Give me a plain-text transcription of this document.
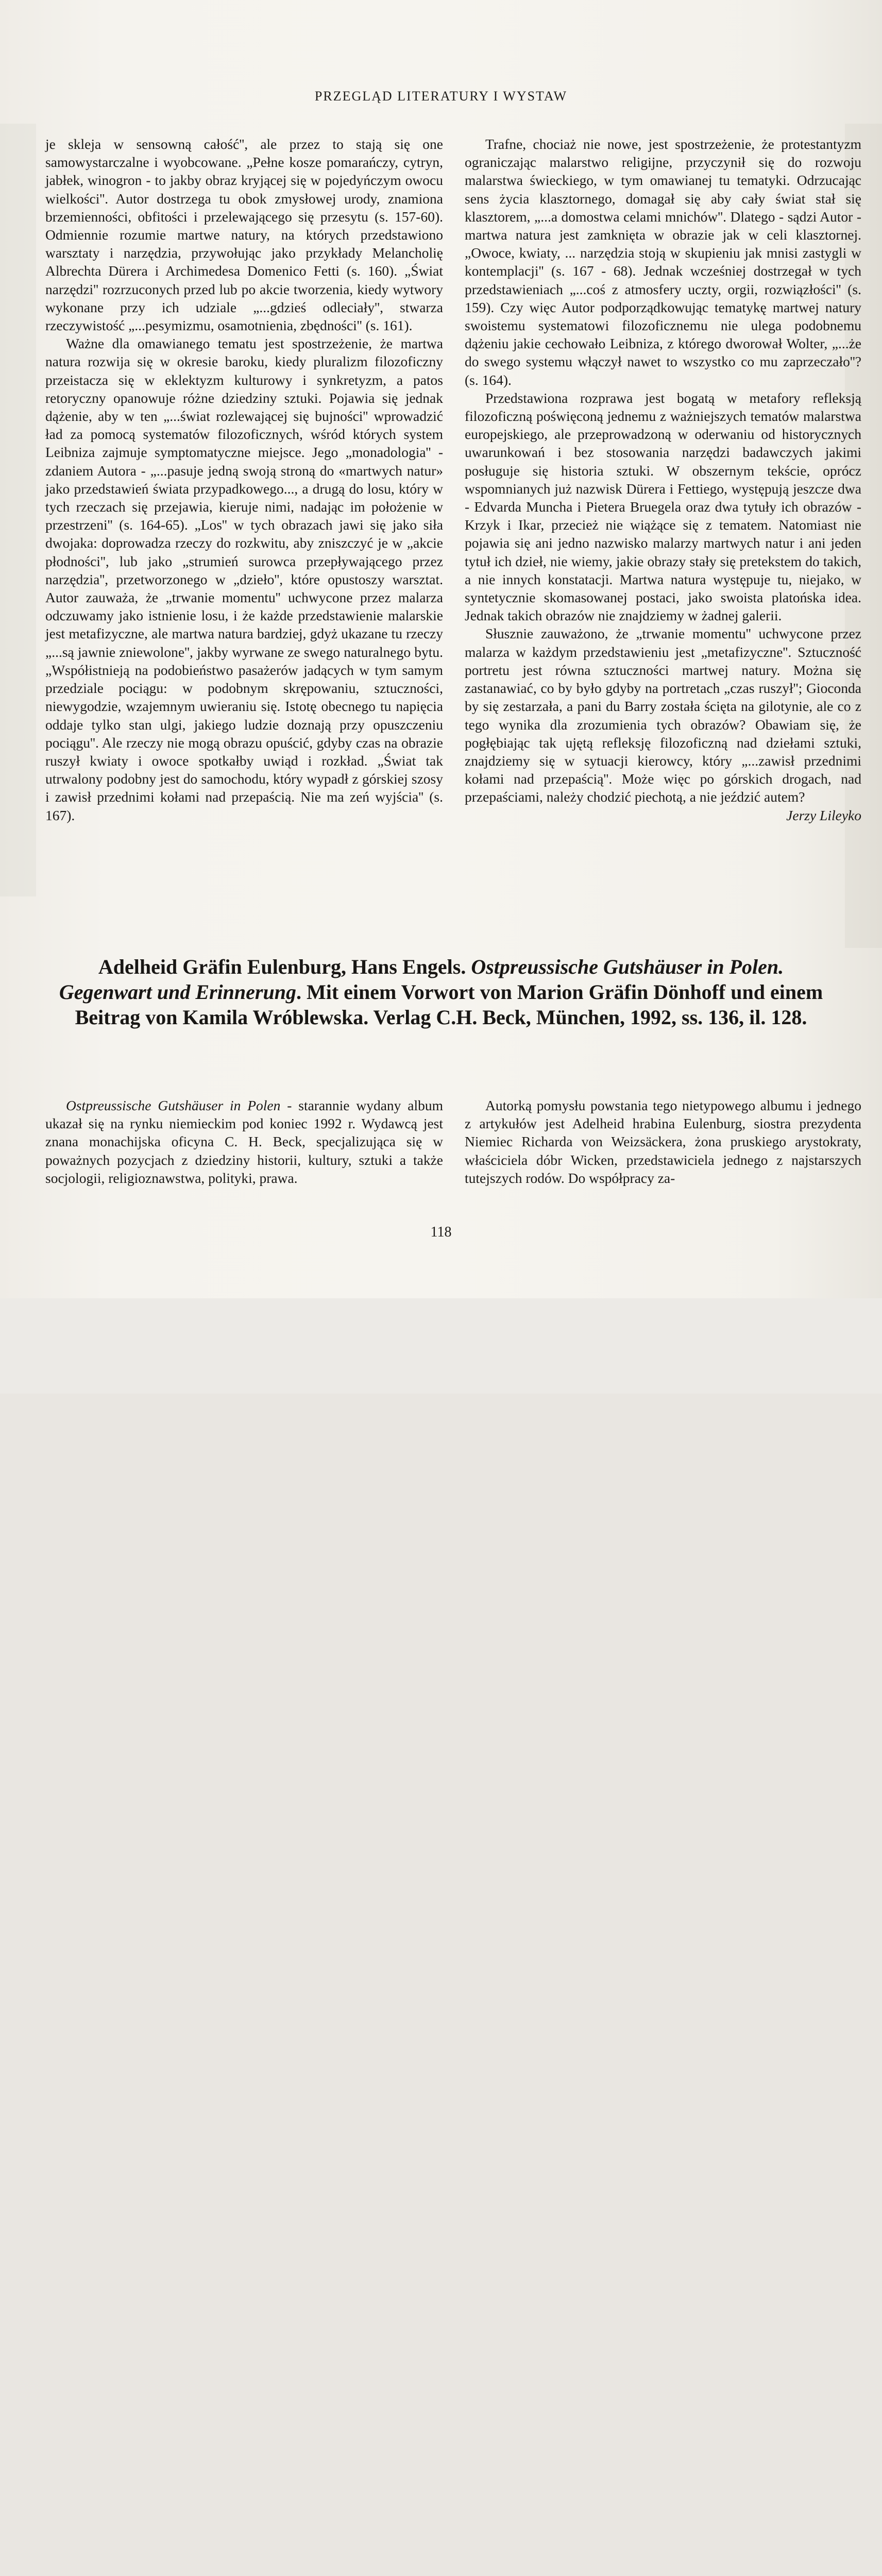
PRZEGLĄD LITERATURY I WYSTAW

je skleja w sensowną całość'', ale przez to stają się one samowystarczalne i wyobcowane. „Pełne kosze pomarańczy, cytryn, jabłek, winogron - to jakby obraz kryjącej się w pojedyńczym owocu wielkości''. Autor dostrzega tu obok zmysłowej urody, znamiona brzemienności, obfitości i przelewającego się przesytu (s. 157-60). Odmiennie rozumie martwe natury, na których przedstawiono warsztaty i narzędzia, przywołując jako przykłady Melancholię Albrechta Dürera i Archimedesa Domenico Fetti (s. 160). „Świat narzędzi'' rozrzuconych przed lub po akcie tworzenia, kiedy wytwory wykonane przy ich udziale „...gdzieś odleciały'', stwarza rzeczywistość „...pesymizmu, osamotnienia, zbędności'' (s. 161).

Ważne dla omawianego tematu jest spostrzeżenie, że martwa natura rozwija się w okresie baroku, kiedy pluralizm filozoficzny przeistacza się w eklektyzm kulturowy i synkretyzm, a patos retoryczny opanowuje różne dziedziny sztuki. Pojawia się jednak dążenie, aby w ten „...świat rozlewającej się bujności'' wprowadzić ład za pomocą systematów filozoficznych, wśród których system Leibniza zajmuje symptomatyczne miejsce. Jego „monadologia'' - zdaniem Autora - „...pasuje jedną swoją stroną do «martwych natur» jako przedstawień świata przypadkowego..., a drugą do losu, który w tych rzeczach się przejawia, kieruje nimi, nadając im położenie w przestrzeni'' (s. 164-65). „Los'' w tych obrazach jawi się jako siła dwojaka: doprowadza rzeczy do rozkwitu, aby zniszczyć je w „akcie płodności'', lub jako „strumień surowca przepływającego przez narzędzia'', przetworzonego w „dzieło'', które opustoszy warsztat. Autor zauważa, że „trwanie momentu'' uchwycone przez malarza odczuwamy jako istnienie losu, i że każde przedstawienie malarskie jest metafizyczne, ale martwa natura bardziej, gdyż ukazane tu rzeczy „...są jawnie zniewolone'', jakby wyrwane ze swego naturalnego bytu. „Współistnieją na podobieństwo pasażerów jadących w tym samym przedziale pociągu: w podobnym skrępowaniu, sztuczności, niewygodzie, wzajemnym uwieraniu się. Istotę obecnego tu napięcia oddaje tylko stan ulgi, jakiego ludzie doznają przy opuszczeniu pociągu''. Ale rzeczy nie mogą obrazu opuścić, gdyby czas na obrazie ruszył kwiaty i owoce spotkałby uwiąd i rozkład. „Świat tak utrwalony podobny jest do samochodu, który wypadł z górskiej szosy i zawisł przednimi kołami nad przepaścią. Nie ma zeń wyjścia'' (s. 167).

Trafne, chociaż nie nowe, jest spostrzeżenie, że protestantyzm ograniczając malarstwo religijne, przyczynił się do rozwoju malarstwa świeckiego, w tym omawianej tu tematyki. Odrzucając sens życia klasztornego, domagał się aby cały świat stał się klasztorem, „...a domostwa celami mnichów''. Dlatego - sądzi Autor - martwa natura jest zamknięta w obrazie jak w celi klasztornej. „Owoce, kwiaty, ... narzędzia stoją w skupieniu jak mnisi zastygli w kontemplacji'' (s. 167 - 68). Jednak wcześniej dostrzegał w tych przedstawieniach „...coś z atmosfery uczty, orgii, rozwiązłości'' (s. 159). Czy więc Autor podporządkowując tematykę martwej natury swoistemu systematowi filozoficznemu nie ulega podobnemu dążeniu jakie cechowało Leibniza, z którego dworował Wolter, „...że do swego systemu włączył nawet to wszystko co mu zaprzeczało''? (s. 164).

Przedstawiona rozprawa jest bogatą w metafory refleksją filozoficzną poświęconą jednemu z ważniejszych tematów malarstwa europejskiego, ale przeprowadzoną w oderwaniu od historycznych uwarunkowań i bez stosowania narzędzi badawczych jakimi posługuje się historia sztuki. W obszernym tekście, oprócz wspomnianych już nazwisk Dürera i Fettiego, występują jeszcze dwa - Edvarda Muncha i Pietera Bruegela oraz dwa tytuły ich obrazów - Krzyk i Ikar, przecież nie wiążące się z tematem. Natomiast nie pojawia się ani jedno nazwisko malarzy martwych natur i ani jeden tytuł ich dzieł, nie wiemy, jakie obrazy stały się pretekstem do takich, a nie innych konstatacji. Martwa natura występuje tu, niejako, w syntetycznie skomasowanej postaci, jako swoista platońska idea. Jednak takich obrazów nie znajdziemy w żadnej galerii.

Słusznie zauważono, że „trwanie momentu'' uchwycone przez malarza w każdym przedstawieniu jest „metafizyczne''. Sztuczność portretu jest równa sztuczności martwej natury. Można się zastanawiać, co by było gdyby na portretach „czas ruszył''; Gioconda by się zestarzała, a pani du Barry została ścięta na gilotynie, ale co z tego wynika dla zrozumienia tych obrazów? Obawiam się, że pogłębiając tak ujętą refleksję filozoficzną nad dziełami sztuki, znajdziemy się w sytuacji kierowcy, który „...zawisł przednimi kołami nad przepaścią''. Może więc po górskich drogach, nad przepaściami, należy chodzić piechotą, a nie jeździć autem?

Jerzy Lileyko

Adelheid Gräfin Eulenburg, Hans Engels. Ostpreussische Gutshäuser in Polen. Gegenwart und Erinnerung. Mit einem Vorwort von Marion Gräfin Dönhoff und einem Beitrag von Kamila Wróblewska. Verlag C.H. Beck, München, 1992, ss. 136, il. 128.

Ostpreussische Gutshäuser in Polen - starannie wydany album ukazał się na rynku niemieckim pod koniec 1992 r. Wydawcą jest znana monachijska oficyna C. H. Beck, specjalizująca się w poważnych pozycjach z dziedziny historii, kultury, sztuki a także socjologii, religioznawstwa, polityki, prawa.

Autorką pomysłu powstania tego nietypowego albumu i jednego z artykułów jest Adelheid hrabina Eulenburg, siostra prezydenta Niemiec Richarda von Weizsäckera, żona pruskiego arystokraty, właściciela dóbr Wicken, przedstawiciela jednego z najstarszych tutejszych rodów. Do współpracy za-

118
